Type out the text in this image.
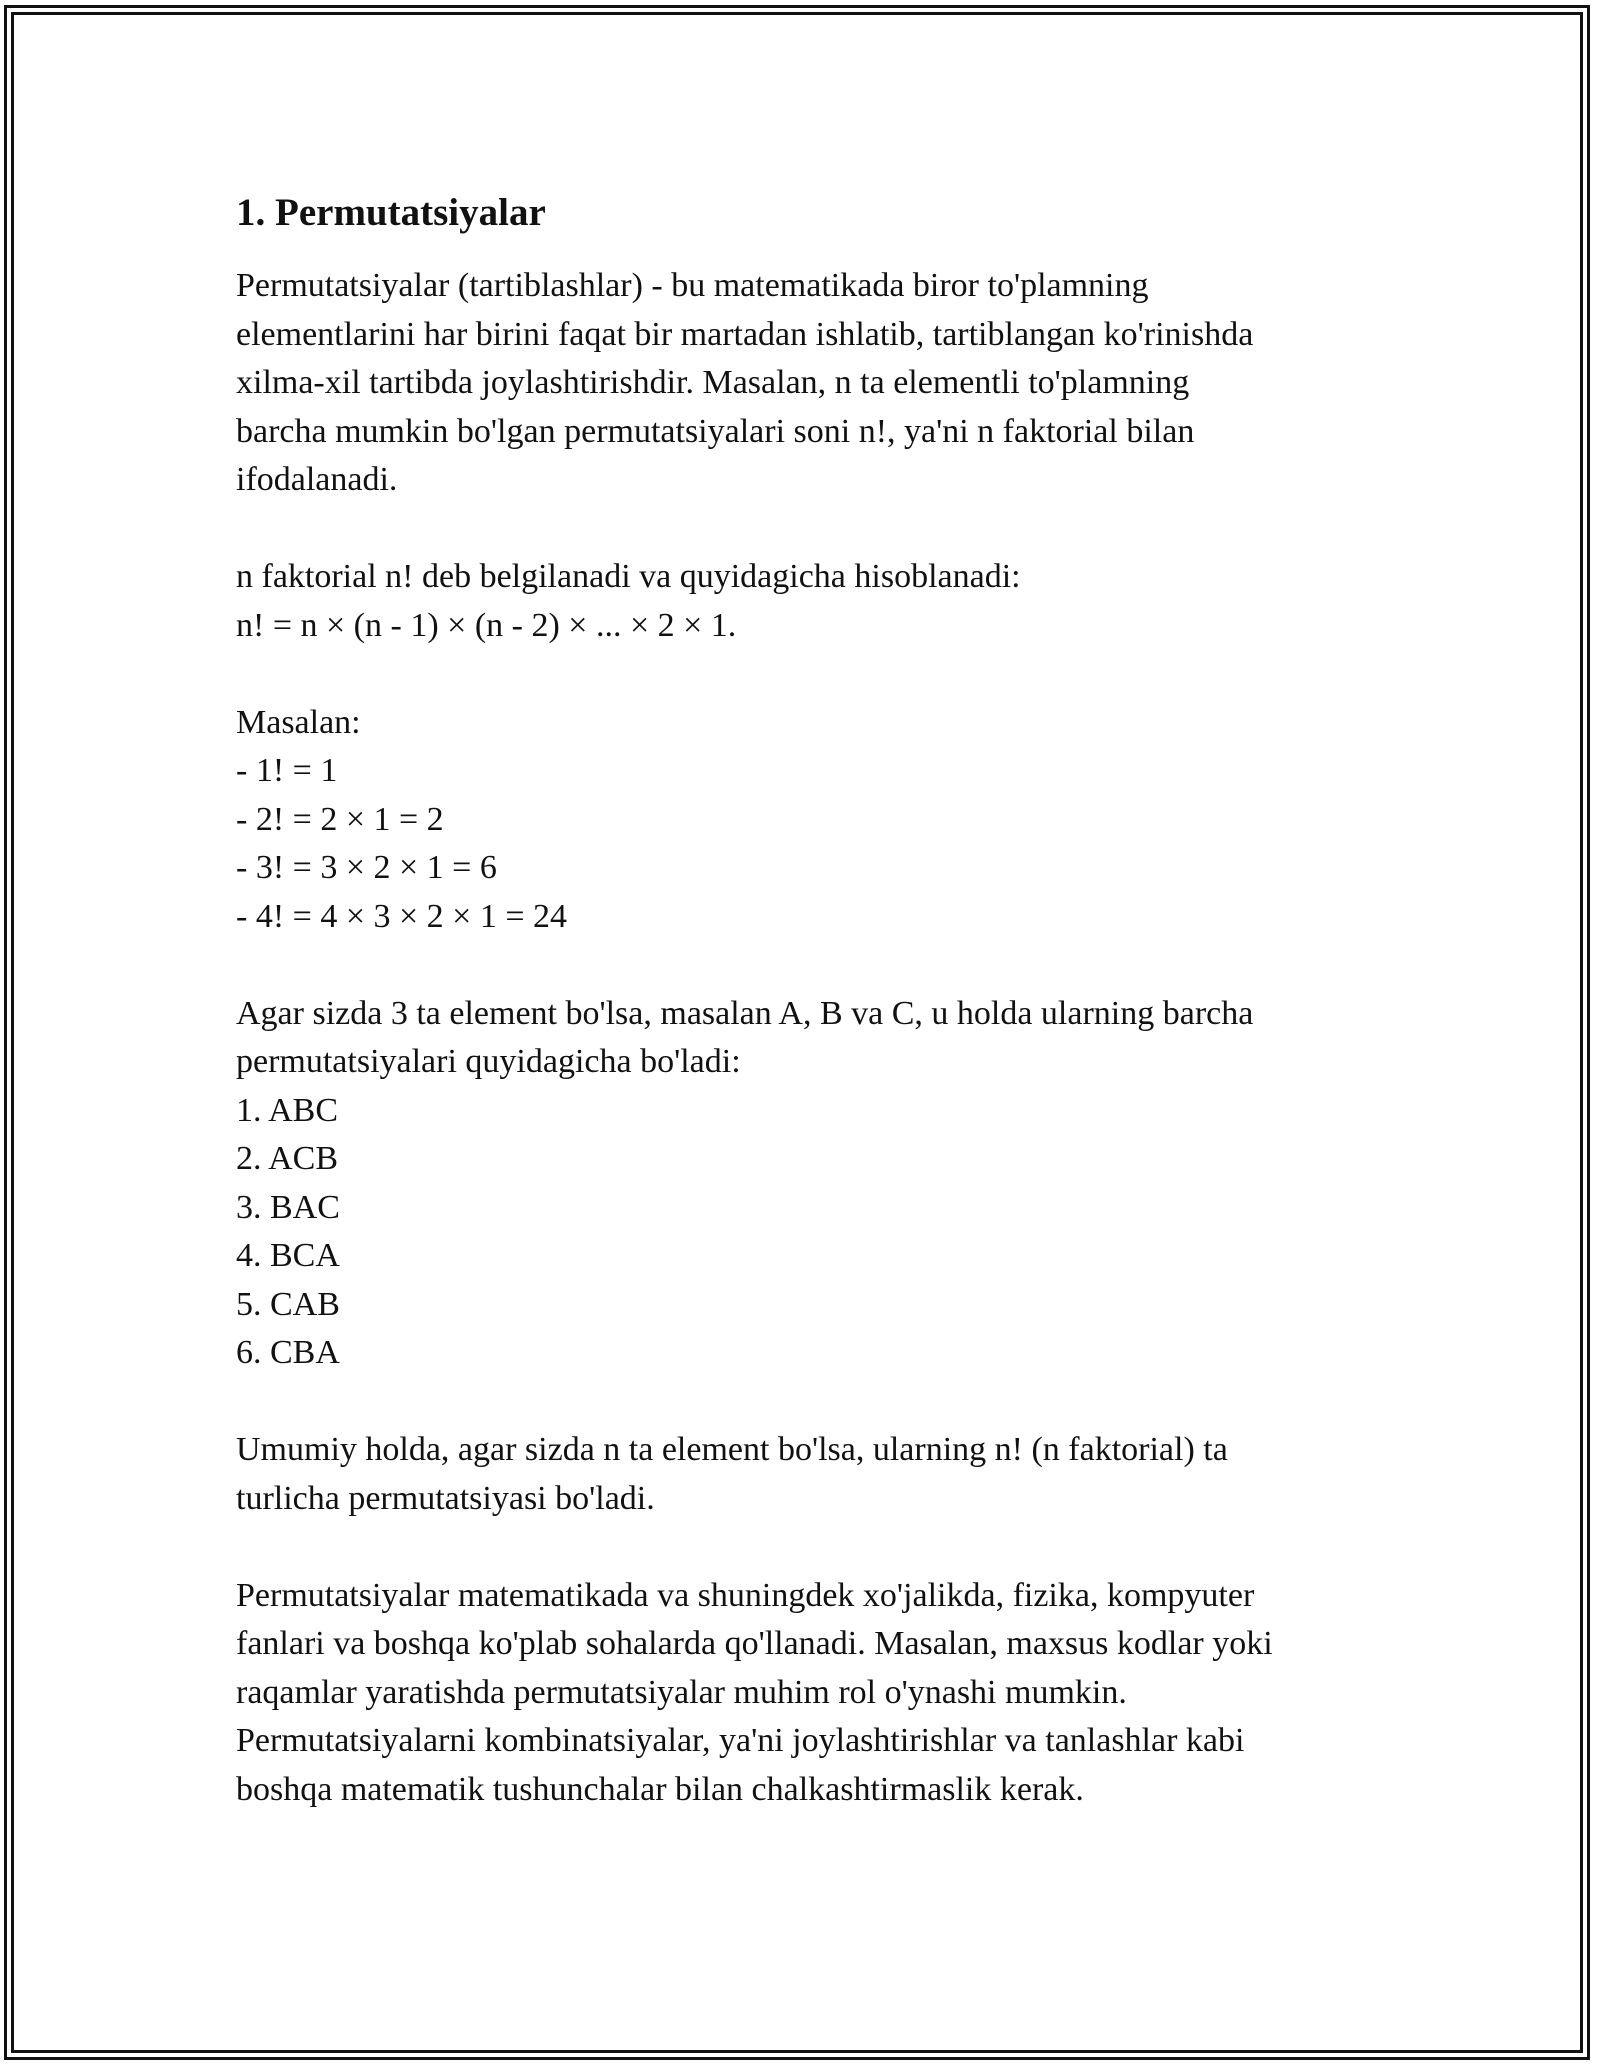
1. Permutatsiyalar

Permutatsiyalar (tartiblashlar) - bu matematikada biror to'plamning
elementlarini har birini faqat bir martadan ishlatib, tartiblangan ko'rinishda
xilma-xil tartibda joylashtirishdir. Masalan, n ta elementli to'plamning
barcha mumkin bo'lgan permutatsiyalari soni n!, ya'ni n faktorial bilan
ifodalanadi.

n faktorial n! deb belgilanadi va quyidagicha hisoblanadi:
n! = n × (n - 1) × (n - 2) × ... × 2 × 1.

Masalan:
- 1! = 1
- 2! = 2 × 1 = 2
- 3! = 3 × 2 × 1 = 6
- 4! = 4 × 3 × 2 × 1 = 24

Agar sizda 3 ta element bo'lsa, masalan A, B va C, u holda ularning barcha
permutatsiyalari quyidagicha bo'ladi:
1. ABC
2. ACB
3. BAC
4. BCA
5. CAB
6. CBA

Umumiy holda, agar sizda n ta element bo'lsa, ularning n! (n faktorial) ta
turlicha permutatsiyasi bo'ladi.

Permutatsiyalar matematikada va shuningdek xo'jalikda, fizika, kompyuter
fanlari va boshqa ko'plab sohalarda qo'llanadi. Masalan, maxsus kodlar yoki
raqamlar yaratishda permutatsiyalar muhim rol o'ynashi mumkin.
Permutatsiyalarni kombinatsiyalar, ya'ni joylashtirishlar va tanlashlar kabi
boshqa matematik tushunchalar bilan chalkashtirmaslik kerak.
